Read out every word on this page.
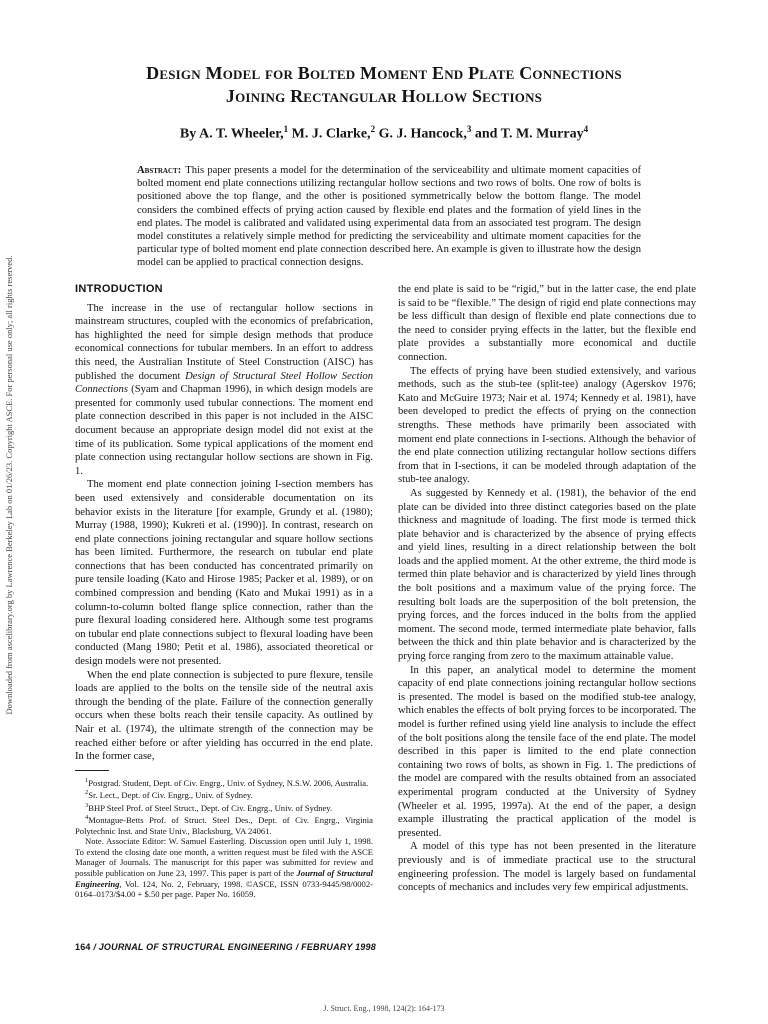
Downloaded from ascelibrary.org by Lawrence Berkeley Lab on 01/26/23. Copyright ASCE. For personal use only; all rights reserved.
Design Model for Bolted Moment End Plate Connections
Joining Rectangular Hollow Sections
By A. T. Wheeler,$^1$ M. J. Clarke,$^2$ G. J. Hancock,$^3$ and T. M. Murray$^4$
Abstract: This paper presents a model for the determination of the serviceability and ultimate moment capacities of bolted moment end plate connections utilizing rectangular hollow sections and two rows of bolts. One row of bolts is positioned above the top flange, and the other is positioned symmetrically below the bottom flange. The model considers the combined effects of prying action caused by flexible end plates and the formation of yield lines in the end plates. The model is calibrated and validated using experimental data from an associated test program. The design model constitutes a relatively simple method for predicting the serviceability and ultimate moment capacities for the particular type of bolted moment end plate connection described here. An example is given to illustrate how the design model can be applied to practical connection designs.
INTRODUCTION

The increase in the use of rectangular hollow sections in mainstream structures, coupled with the economics of prefabrication, has highlighted the need for simple design methods that produce economical connections for tubular members. In an effort to address this need, the Australian Institute of Steel Construction (AISC) has published the document Design of Structural Steel Hollow Section Connections (Syam and Chapman 1996), in which design models are presented for commonly used tubular connections. The moment end plate connection described in this paper is not included in the AISC document because an appropriate design model did not exist at the time of its publication. Some typical applications of the moment end plate connection using rectangular hollow sections are shown in Fig. 1.

The moment end plate connection joining I-section members has been used extensively and considerable documentation on its behavior exists in the literature [for example, Grundy et al. (1980); Murray (1988, 1990); Kukreti et al. (1990)]. In contrast, research on end plate connections joining rectangular and square hollow sections has been limited. Furthermore, the research on tubular end plate connections that has been conducted has concentrated primarily on pure tensile loading (Kato and Hirose 1985; Packer et al. 1989), or on combined compression and bending (Kato and Mukai 1991) as in a column-to-column bolted flange splice connection, rather than the pure flexural loading considered here. Although some test programs on tubular end plate connections subject to flexural loading have been conducted (Mang 1980; Petit et al. 1986), associated theoretical or design models were not presented.

When the end plate connection is subjected to pure flexure, tensile loads are applied to the bolts on the tensile side of the neutral axis through the bending of the plate. Failure of the connection generally occurs when these bolts reach their tensile capacity. As outlined by Nair et al. (1974), the ultimate strength of the connection may be reached either before or after yielding has occurred in the end plate. In the former case,

$^1$Postgrad. Student, Dept. of Civ. Engrg., Univ. of Sydney, N.S.W. 2006, Australia.

$^2$Sr. Lect., Dept. of Civ. Engrg., Univ. of Sydney.

$^3$BHP Steel Prof. of Steel Struct., Dept. of Civ. Engrg., Univ. of Sydney.

$^4$Montague-Betts Prof. of Struct. Steel Des., Dept. of Civ. Engrg., Virginia Polytechnic Inst. and State Univ., Blacksburg, VA 24061.

Note. Associate Editor: W. Samuel Easterling. Discussion open until July 1, 1998. To extend the closing date one month, a written request must be filed with the ASCE Manager of Journals. The manuscript for this paper was submitted for review and possible publication on June 23, 1997. This paper is part of the Journal of Structural Engineering, Vol. 124, No. 2, February, 1998. ©ASCE, ISSN 0733-9445/98/0002-0164–0173/$4.00 + $.50 per page. Paper No. 16059.

the end plate is said to be “rigid,” but in the latter case, the end plate is said to be “flexible.” The design of rigid end plate connections may be less difficult than design of flexible end plate connections due to the need to consider prying effects in the latter, but the flexible end plate provides a substantially more economical and ductile connection.

The effects of prying have been studied extensively, and various methods, such as the stub-tee (split-tee) analogy (Agerskov 1976; Kato and McGuire 1973; Nair et al. 1974; Kennedy et al. 1981), have been developed to predict the effects of prying on the connection strengths. These methods have primarily been associated with moment end plate connections in I-sections. Although the behavior of the end plate connection utilizing rectangular hollow sections differs from that in I-sections, it can be modeled through adaptation of the stub-tee analogy.

As suggested by Kennedy et al. (1981), the behavior of the end plate can be divided into three distinct categories based on the plate thickness and magnitude of loading. The first mode is termed thick plate behavior and is characterized by the absence of prying effects and yield lines, resulting in a direct relationship between the bolt loads and the applied moment. At the other extreme, the third mode is termed thin plate behavior and is characterized by yield lines through the bolt positions and a maximum value of the prying force. The resulting bolt loads are the superposition of the bolt pretension, the prying forces, and the forces induced in the bolts from the applied moment. The second mode, termed intermediate plate behavior, falls between the thick and thin plate behavior and is characterized by the prying force ranging from zero to the maximum attainable value.

In this paper, an analytical model to determine the moment capacity of end plate connections joining rectangular hollow sections is presented. The model is based on the modified stub-tee analogy, which enables the effects of bolt prying forces to be incorporated. The model is further refined using yield line analysis to include the effect of the bolt positions along the tensile face of the end plate. The model described in this paper is limited to the end plate connection containing two rows of bolts, as shown in Fig. 1. The predictions of the model are compared with the results obtained from an associated experimental program conducted at the University of Sydney (Wheeler et al. 1995, 1997a). At the end of the paper, a design example illustrating the practical application of the model is presented.

A model of this type has not been presented in the literature previously and is of immediate practical use to the structural engineering profession. The model is largely based on fundamental concepts of mechanics and includes very few empirical adjustments.

164 / JOURNAL OF STRUCTURAL ENGINEERING / FEBRUARY 1998
J. Struct. Eng., 1998, 124(2): 164-173
